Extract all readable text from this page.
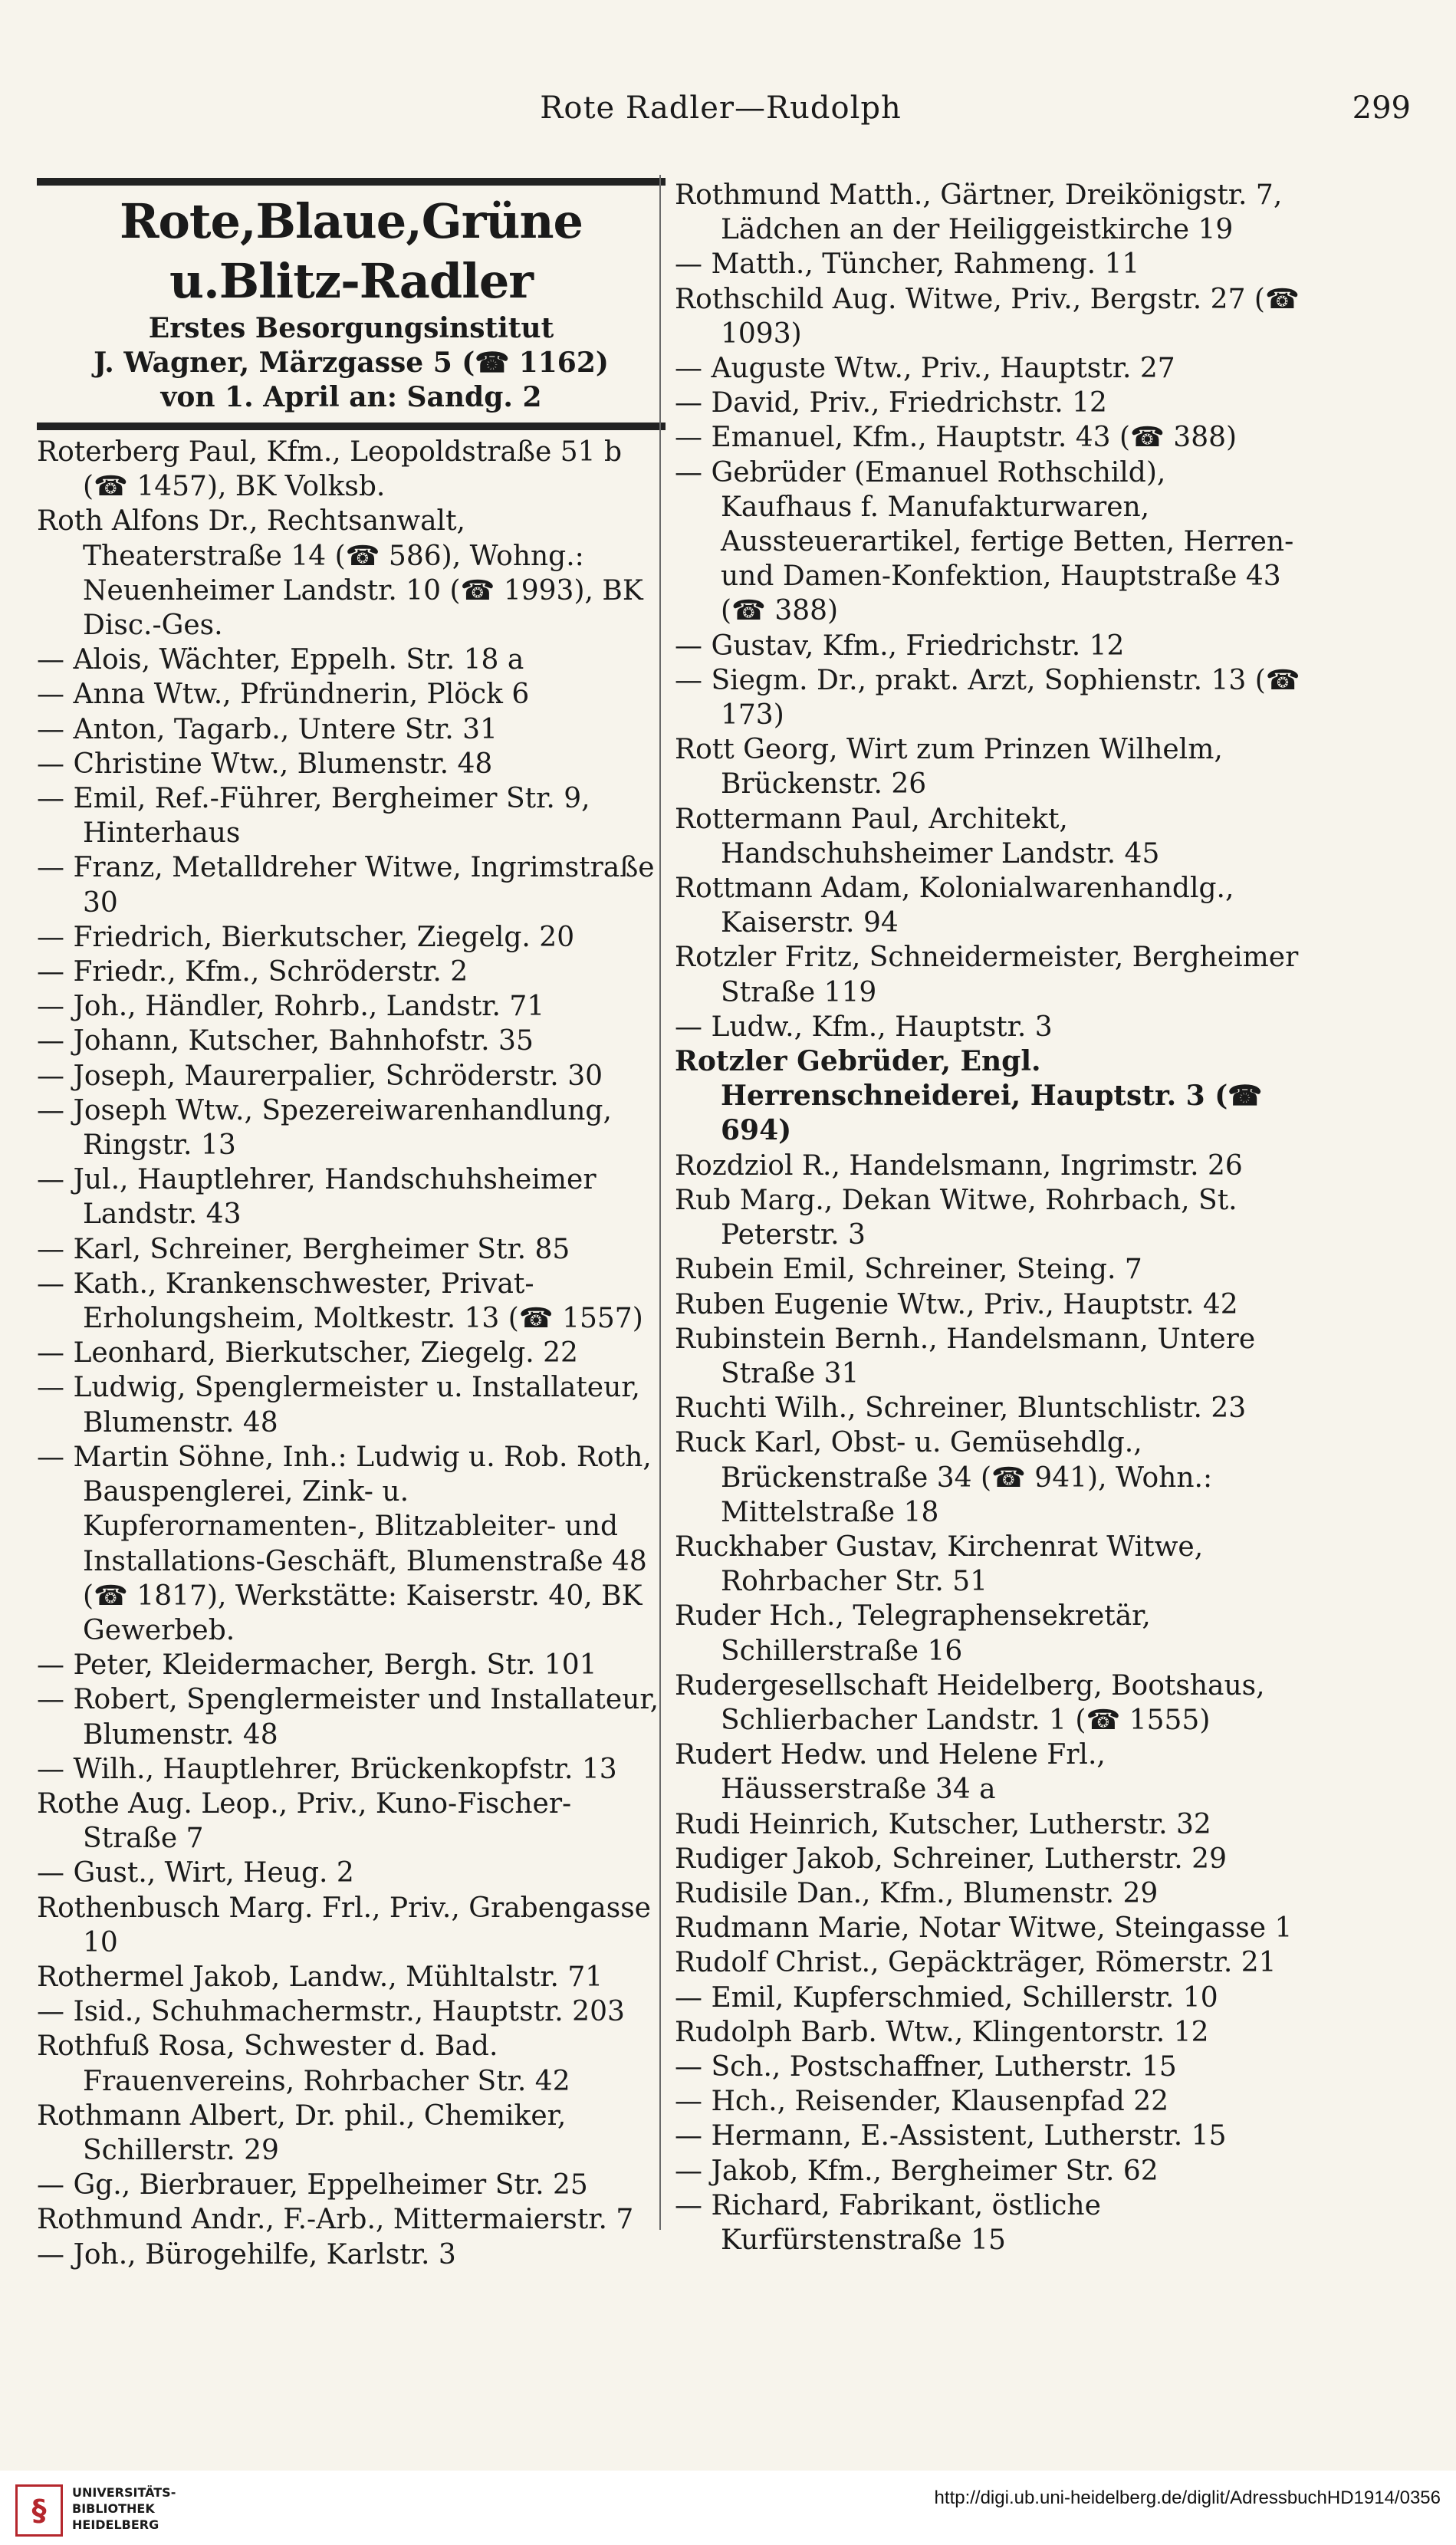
Rote Radler—Rudolph	299
Rote,Blaue,Grüne u.Blitz-Radler
Erstes Besorgungsinstitut
J. Wagner, Märzgasse 5 (☎ 1162)
von 1. April an: Sandg. 2

Roterberg Paul, Kfm., Leopoldstraße 51 b (☎ 1457), BK Volksb.

Roth Alfons Dr., Rechtsanwalt, Theaterstraße 14 (☎ 586), Wohng.: Neuenheimer Landstr. 10 (☎ 1993), BK Disc.-Ges.

— Alois, Wächter, Eppelh. Str. 18 a

— Anna Wtw., Pfründnerin, Plöck 6

— Anton, Tagarb., Untere Str. 31

— Christine Wtw., Blumenstr. 48

— Emil, Ref.-Führer, Bergheimer Str. 9, Hinterhaus

— Franz, Metalldreher Witwe, Ingrimstraße 30

— Friedrich, Bierkutscher, Ziegelg. 20

— Friedr., Kfm., Schröderstr. 2

— Joh., Händler, Rohrb., Landstr. 71

— Johann, Kutscher, Bahnhofstr. 35

— Joseph, Maurerpalier, Schröderstr. 30

— Joseph Wtw., Spezereiwarenhandlung, Ringstr. 13

— Jul., Hauptlehrer, Handschuhsheimer Landstr. 43

— Karl, Schreiner, Bergheimer Str. 85

— Kath., Krankenschwester, Privat-Erholungsheim, Moltkestr. 13 (☎ 1557)

— Leonhard, Bierkutscher, Ziegelg. 22

— Ludwig, Spenglermeister u. Installateur, Blumenstr. 48

— Martin Söhne, Inh.: Ludwig u. Rob. Roth, Bauspenglerei, Zink- u. Kupferornamenten-, Blitzableiter- und Installations-Geschäft, Blumenstraße 48 (☎ 1817), Werkstätte: Kaiserstr. 40, BK Gewerbeb.

— Peter, Kleidermacher, Bergh. Str. 101

— Robert, Spenglermeister und Installateur, Blumenstr. 48

— Wilh., Hauptlehrer, Brückenkopfstr. 13

Rothe Aug. Leop., Priv., Kuno-Fischer-Straße 7

— Gust., Wirt, Heug. 2

Rothenbusch Marg. Frl., Priv., Grabengasse 10

Rothermel Jakob, Landw., Mühltalstr. 71

— Isid., Schuhmachermstr., Hauptstr. 203

Rothfuß Rosa, Schwester d. Bad. Frauenvereins, Rohrbacher Str. 42

Rothmann Albert, Dr. phil., Chemiker, Schillerstr. 29

— Gg., Bierbrauer, Eppelheimer Str. 25

Rothmund Andr., F.-Arb., Mittermaierstr. 7

— Joh., Bürogehilfe, Karlstr. 3

Rothmund Matth., Gärtner, Dreikönigstr. 7, Lädchen an der Heiliggeistkirche 19

— Matth., Tüncher, Rahmeng. 11

Rothschild Aug. Witwe, Priv., Bergstr. 27 (☎ 1093)

— Auguste Wtw., Priv., Hauptstr. 27

— David, Priv., Friedrichstr. 12

— Emanuel, Kfm., Hauptstr. 43 (☎ 388)

— Gebrüder (Emanuel Rothschild), Kaufhaus f. Manufakturwaren, Aussteuerartikel, fertige Betten, Herren- und Damen-Konfektion, Hauptstraße 43 (☎ 388)

— Gustav, Kfm., Friedrichstr. 12

— Siegm. Dr., prakt. Arzt, Sophienstr. 13 (☎ 173)

Rott Georg, Wirt zum Prinzen Wilhelm, Brückenstr. 26

Rottermann Paul, Architekt, Handschuhsheimer Landstr. 45

Rottmann Adam, Kolonialwarenhandlg., Kaiserstr. 94

Rotzler Fritz, Schneidermeister, Bergheimer Straße 119

— Ludw., Kfm., Hauptstr. 3

Rotzler Gebrüder, Engl. Herrenschneiderei, Hauptstr. 3 (☎ 694)

Rozdziol R., Handelsmann, Ingrimstr. 26

Rub Marg., Dekan Witwe, Rohrbach, St. Peterstr. 3

Rubein Emil, Schreiner, Steing. 7

Ruben Eugenie Wtw., Priv., Hauptstr. 42

Rubinstein Bernh., Handelsmann, Untere Straße 31

Ruchti Wilh., Schreiner, Bluntschlistr. 23

Ruck Karl, Obst- u. Gemüsehdlg., Brückenstraße 34 (☎ 941), Wohn.: Mittelstraße 18

Ruckhaber Gustav, Kirchenrat Witwe, Rohrbacher Str. 51

Ruder Hch., Telegraphensekretär, Schillerstraße 16

Rudergesellschaft Heidelberg, Bootshaus, Schlierbacher Landstr. 1 (☎ 1555)

Rudert Hedw. und Helene Frl., Häusserstraße 34 a

Rudi Heinrich, Kutscher, Lutherstr. 32

Rudiger Jakob, Schreiner, Lutherstr. 29

Rudisile Dan., Kfm., Blumenstr. 29

Rudmann Marie, Notar Witwe, Steingasse 1

Rudolf Christ., Gepäckträger, Römerstr. 21

— Emil, Kupferschmied, Schillerstr. 10

Rudolph Barb. Wtw., Klingentorstr. 12

— Sch., Postschaffner, Lutherstr. 15

— Hch., Reisender, Klausenpfad 22

— Hermann, E.-Assistent, Lutherstr. 15

— Jakob, Kfm., Bergheimer Str. 62

— Richard, Fabrikant, östliche Kurfürstenstraße 15

§
UNIVERSITÄTS-
BIBLIOTHEK
HEIDELBERG
http://digi.ub.uni-heidelberg.de/diglit/AdressbuchHD1914/0356
